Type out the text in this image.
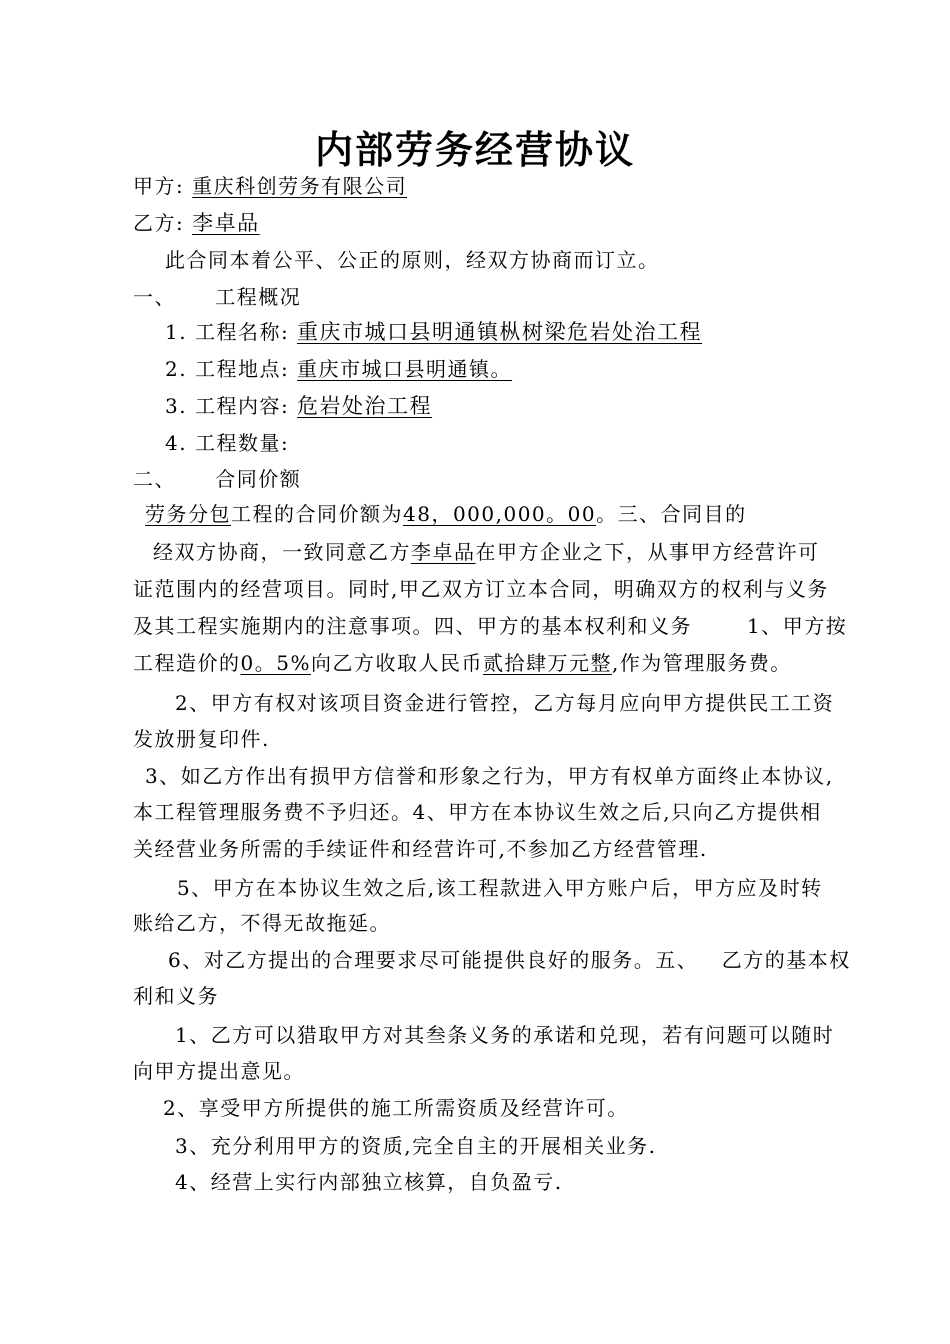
内部劳务经营协议
甲方: 重庆科创劳务有限公司
乙方: 李卓品
此合同本着公平、公正的原则，经双方协商而订立。
一、     工程概况
1. 工程名称: 重庆市城口县明通镇枞树梁危岩处治工程
2. 工程地点: 重庆市城口县明通镇。
3. 工程内容: 危岩处治工程
4. 工程数量:
二、     合同价额
劳务分包工程的合同价额为48，000,000。00。三、合同目的
经双方协商，一致同意乙方李卓品在甲方企业之下，从事甲方经营许可
证范围内的经营项目。同时,甲乙双方订立本合同，明确双方的权利与义务
及其工程实施期内的注意事项。四、甲方的基本权利和义务       1、甲方按
工程造价的0。5%向乙方收取人民币贰拾肆万元整,作为管理服务费。
2、甲方有权对该项目资金进行管控，乙方每月应向甲方提供民工工资
发放册复印件.
3、如乙方作出有损甲方信誉和形象之行为，甲方有权单方面终止本协议,
本工程管理服务费不予归还。4、甲方在本协议生效之后,只向乙方提供相
关经营业务所需的手续证件和经营许可,不参加乙方经营管理.
5、甲方在本协议生效之后,该工程款进入甲方账户后，甲方应及时转
账给乙方，不得无故拖延。
6、对乙方提出的合理要求尽可能提供良好的服务。五、   乙方的基本权
利和义务
1、乙方可以猎取甲方对其叁条义务的承诺和兑现，若有问题可以随时
向甲方提出意见。
2、享受甲方所提供的施工所需资质及经营许可。
3、充分利用甲方的资质,完全自主的开展相关业务.
4、经营上实行内部独立核算，自负盈亏.
